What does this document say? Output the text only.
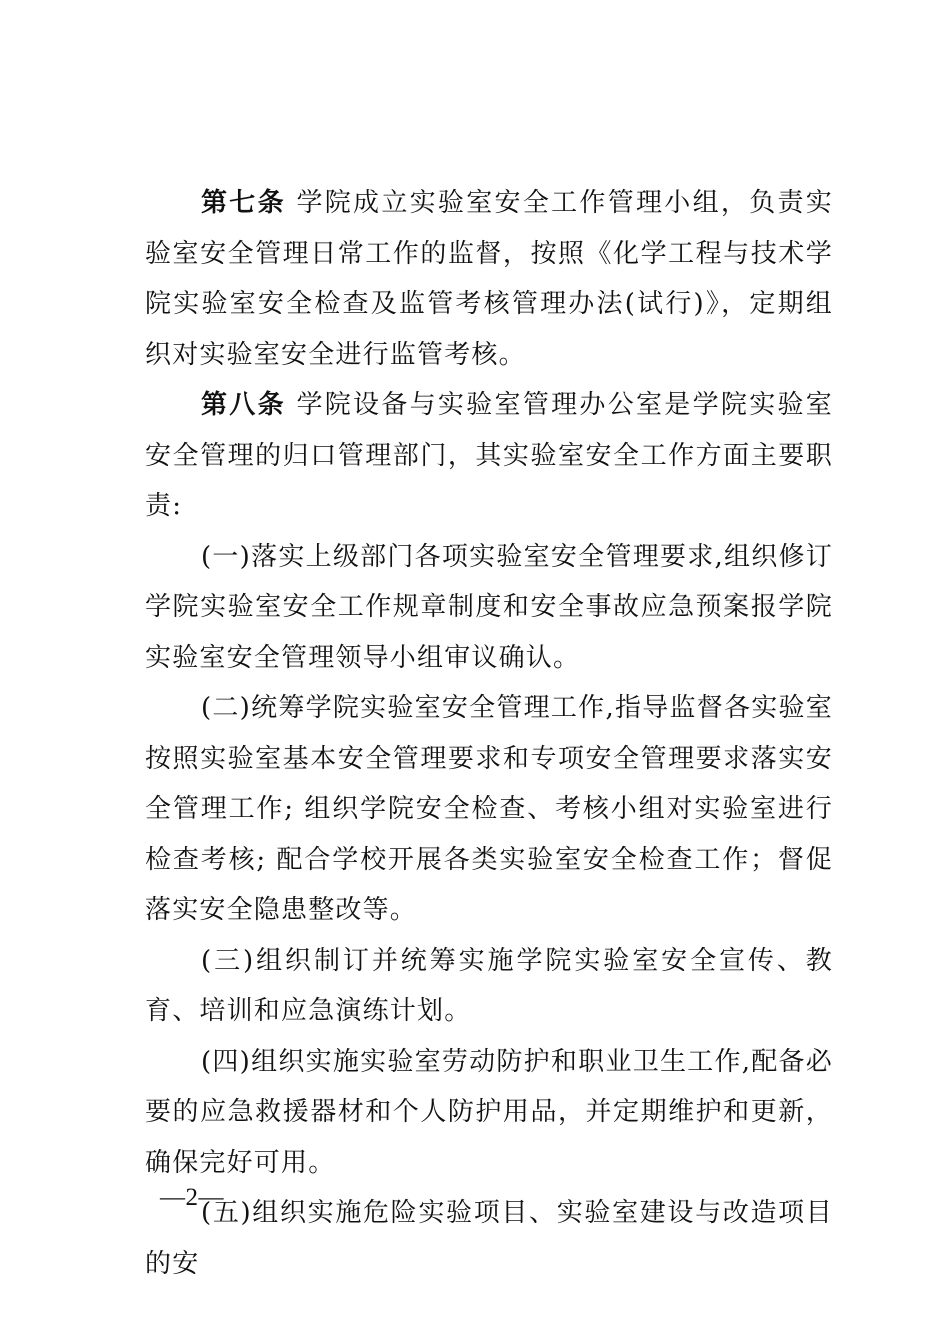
第七条 学院成立实验室安全工作管理小组，负责实验室安全管理日常工作的监督，按照《化学工程与技术学院实验室安全检查及监管考核管理办法(试行)》，定期组织对实验室安全进行监管考核。

第八条 学院设备与实验室管理办公室是学院实验室安全管理的归口管理部门，其实验室安全工作方面主要职责:

(一)落实上级部门各项实验室安全管理要求,组织修订学院实验室安全工作规章制度和安全事故应急预案报学院实验室安全管理领导小组审议确认。

(二)统筹学院实验室安全管理工作,指导监督各实验室按照实验室基本安全管理要求和专项安全管理要求落实安全管理工作; 组织学院安全检查、考核小组对实验室进行检查考核; 配合学校开展各类实验室安全检查工作；督促落实安全隐患整改等。

(三)组织制订并统筹实施学院实验室安全宣传、教育、培训和应急演练计划。

(四)组织实施实验室劳动防护和职业卫生工作,配备必要的应急救援器材和个人防护用品，并定期维护和更新，确保完好可用。

(五)组织实施危险实验项目、实验室建设与改造项目的安

—2—
